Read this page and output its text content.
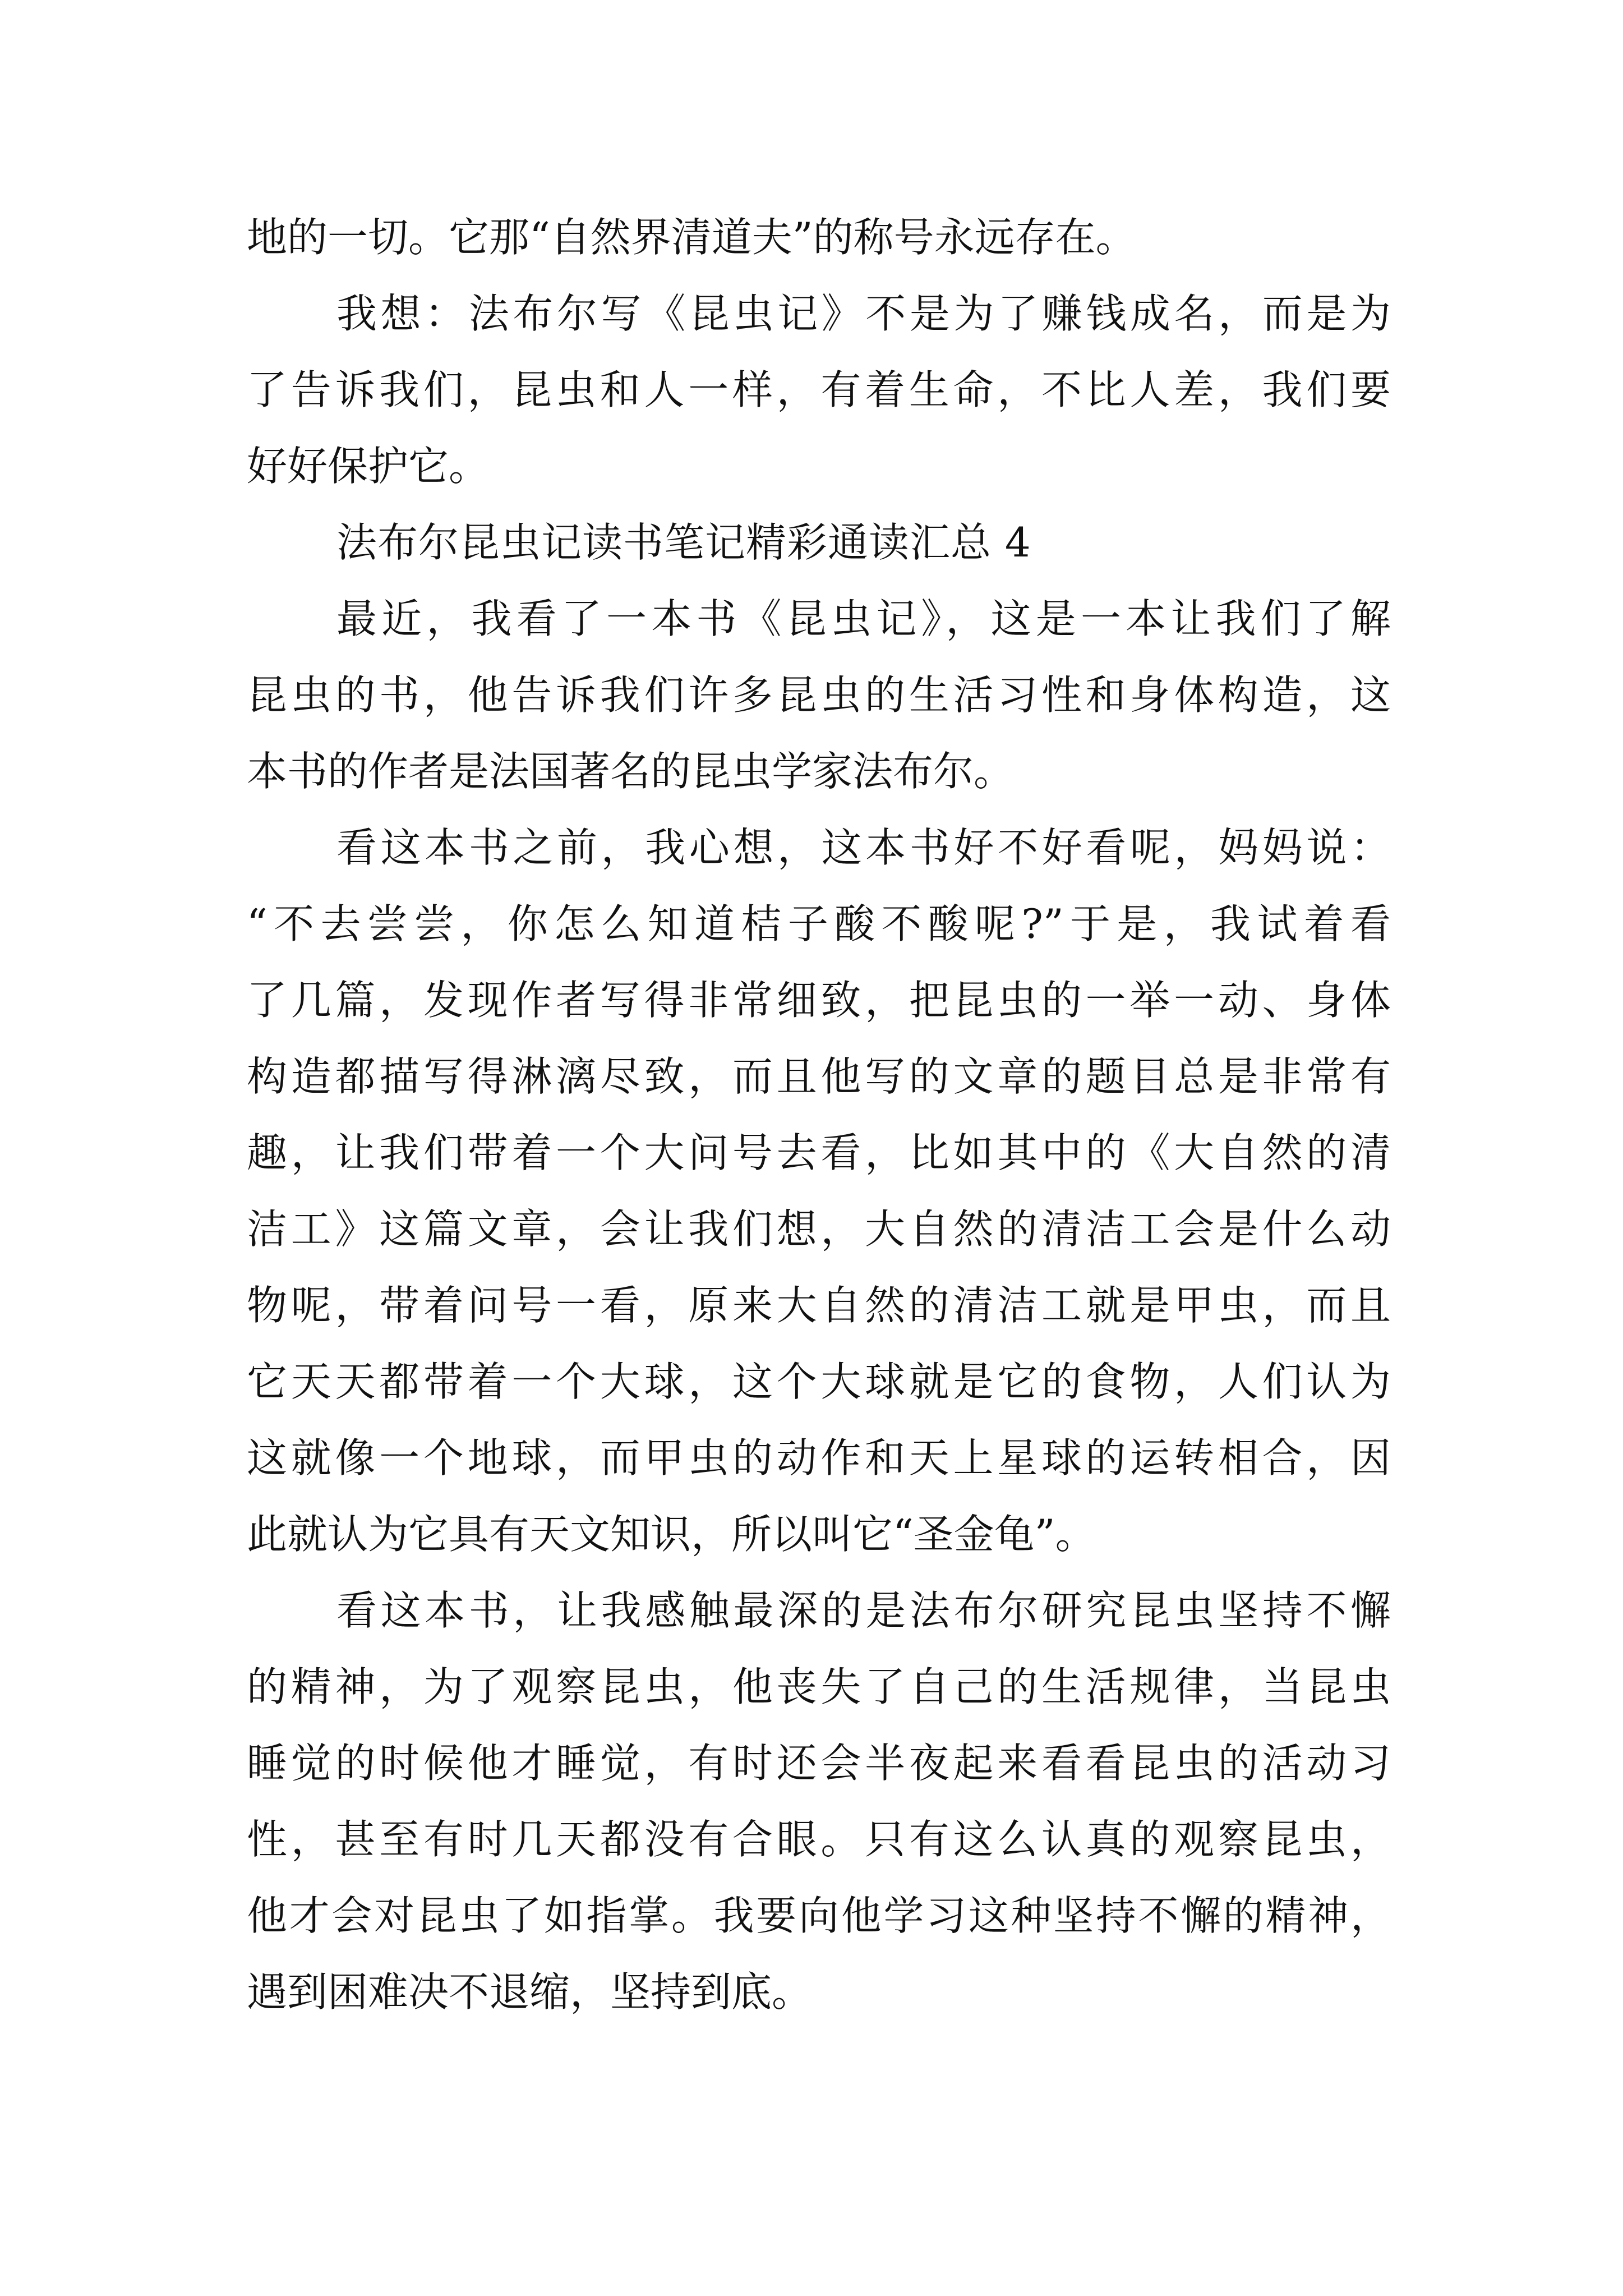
地的一切。它那“自然界清道夫”的称号永远存在。
我想：法布尔写《昆虫记》不是为了赚钱成名，而是为
了告诉我们，昆虫和人一样，有着生命，不比人差，我们要
好好保护它。
法布尔昆虫记读书笔记精彩通读汇总 4
最近，我看了一本书《昆虫记》，这是一本让我们了解
昆虫的书，他告诉我们许多昆虫的生活习性和身体构造，这
本书的作者是法国著名的昆虫学家法布尔。
看这本书之前，我心想，这本书好不好看呢，妈妈说：
“不去尝尝，你怎么知道桔子酸不酸呢?”于是，我试着看
了几篇，发现作者写得非常细致，把昆虫的一举一动、身体
构造都描写得淋漓尽致，而且他写的文章的题目总是非常有
趣，让我们带着一个大问号去看，比如其中的《大自然的清
洁工》这篇文章，会让我们想，大自然的清洁工会是什么动
物呢，带着问号一看，原来大自然的清洁工就是甲虫，而且
它天天都带着一个大球，这个大球就是它的食物，人们认为
这就像一个地球，而甲虫的动作和天上星球的运转相合，因
此就认为它具有天文知识，所以叫它“圣金龟”。
看这本书，让我感触最深的是法布尔研究昆虫坚持不懈
的精神，为了观察昆虫，他丧失了自己的生活规律，当昆虫
睡觉的时候他才睡觉，有时还会半夜起来看看昆虫的活动习
性，甚至有时几天都没有合眼。只有这么认真的观察昆虫，
他才会对昆虫了如指掌。我要向他学习这种坚持不懈的精神，
遇到困难决不退缩，坚持到底。
